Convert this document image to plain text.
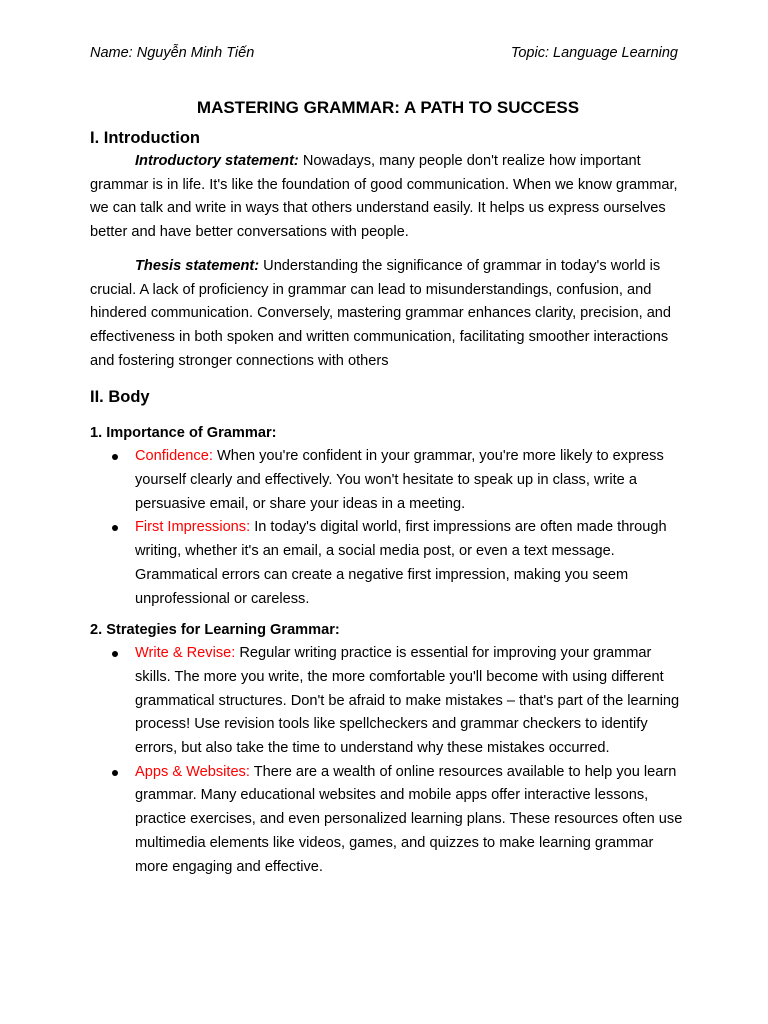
Name: Nguyễn Minh Tiến	Topic: Language Learning
MASTERING GRAMMAR: A PATH TO SUCCESS
I. Introduction

Introductory statement: Nowadays, many people don't realize how important grammar is in life. It's like the foundation of good communication. When we know grammar, we can talk and write in ways that others understand easily. It helps us express ourselves better and have better conversations with people.

Thesis statement: Understanding the significance of grammar in today's world is crucial. A lack of proficiency in grammar can lead to misunderstandings, confusion, and hindered communication. Conversely, mastering grammar enhances clarity, precision, and effectiveness in both spoken and written communication, facilitating smoother interactions and fostering stronger connections with others

II. Body
1. Importance of Grammar:
Confidence: When you're confident in your grammar, you're more likely to express yourself clearly and effectively. You won't hesitate to speak up in class, write a persuasive email, or share your ideas in a meeting.
First Impressions: In today's digital world, first impressions are often made through writing, whether it's an email, a social media post, or even a text message. Grammatical errors can create a negative first impression, making you seem unprofessional or careless.
2. Strategies for Learning Grammar:
Write & Revise: Regular writing practice is essential for improving your grammar skills. The more you write, the more comfortable you'll become with using different grammatical structures. Don't be afraid to make mistakes – that's part of the learning process! Use revision tools like spellcheckers and grammar checkers to identify errors, but also take the time to understand why these mistakes occurred.
Apps & Websites: There are a wealth of online resources available to help you learn grammar. Many educational websites and mobile apps offer interactive lessons, practice exercises, and even personalized learning plans. These resources often use multimedia elements like videos, games, and quizzes to make learning grammar more engaging and effective.
